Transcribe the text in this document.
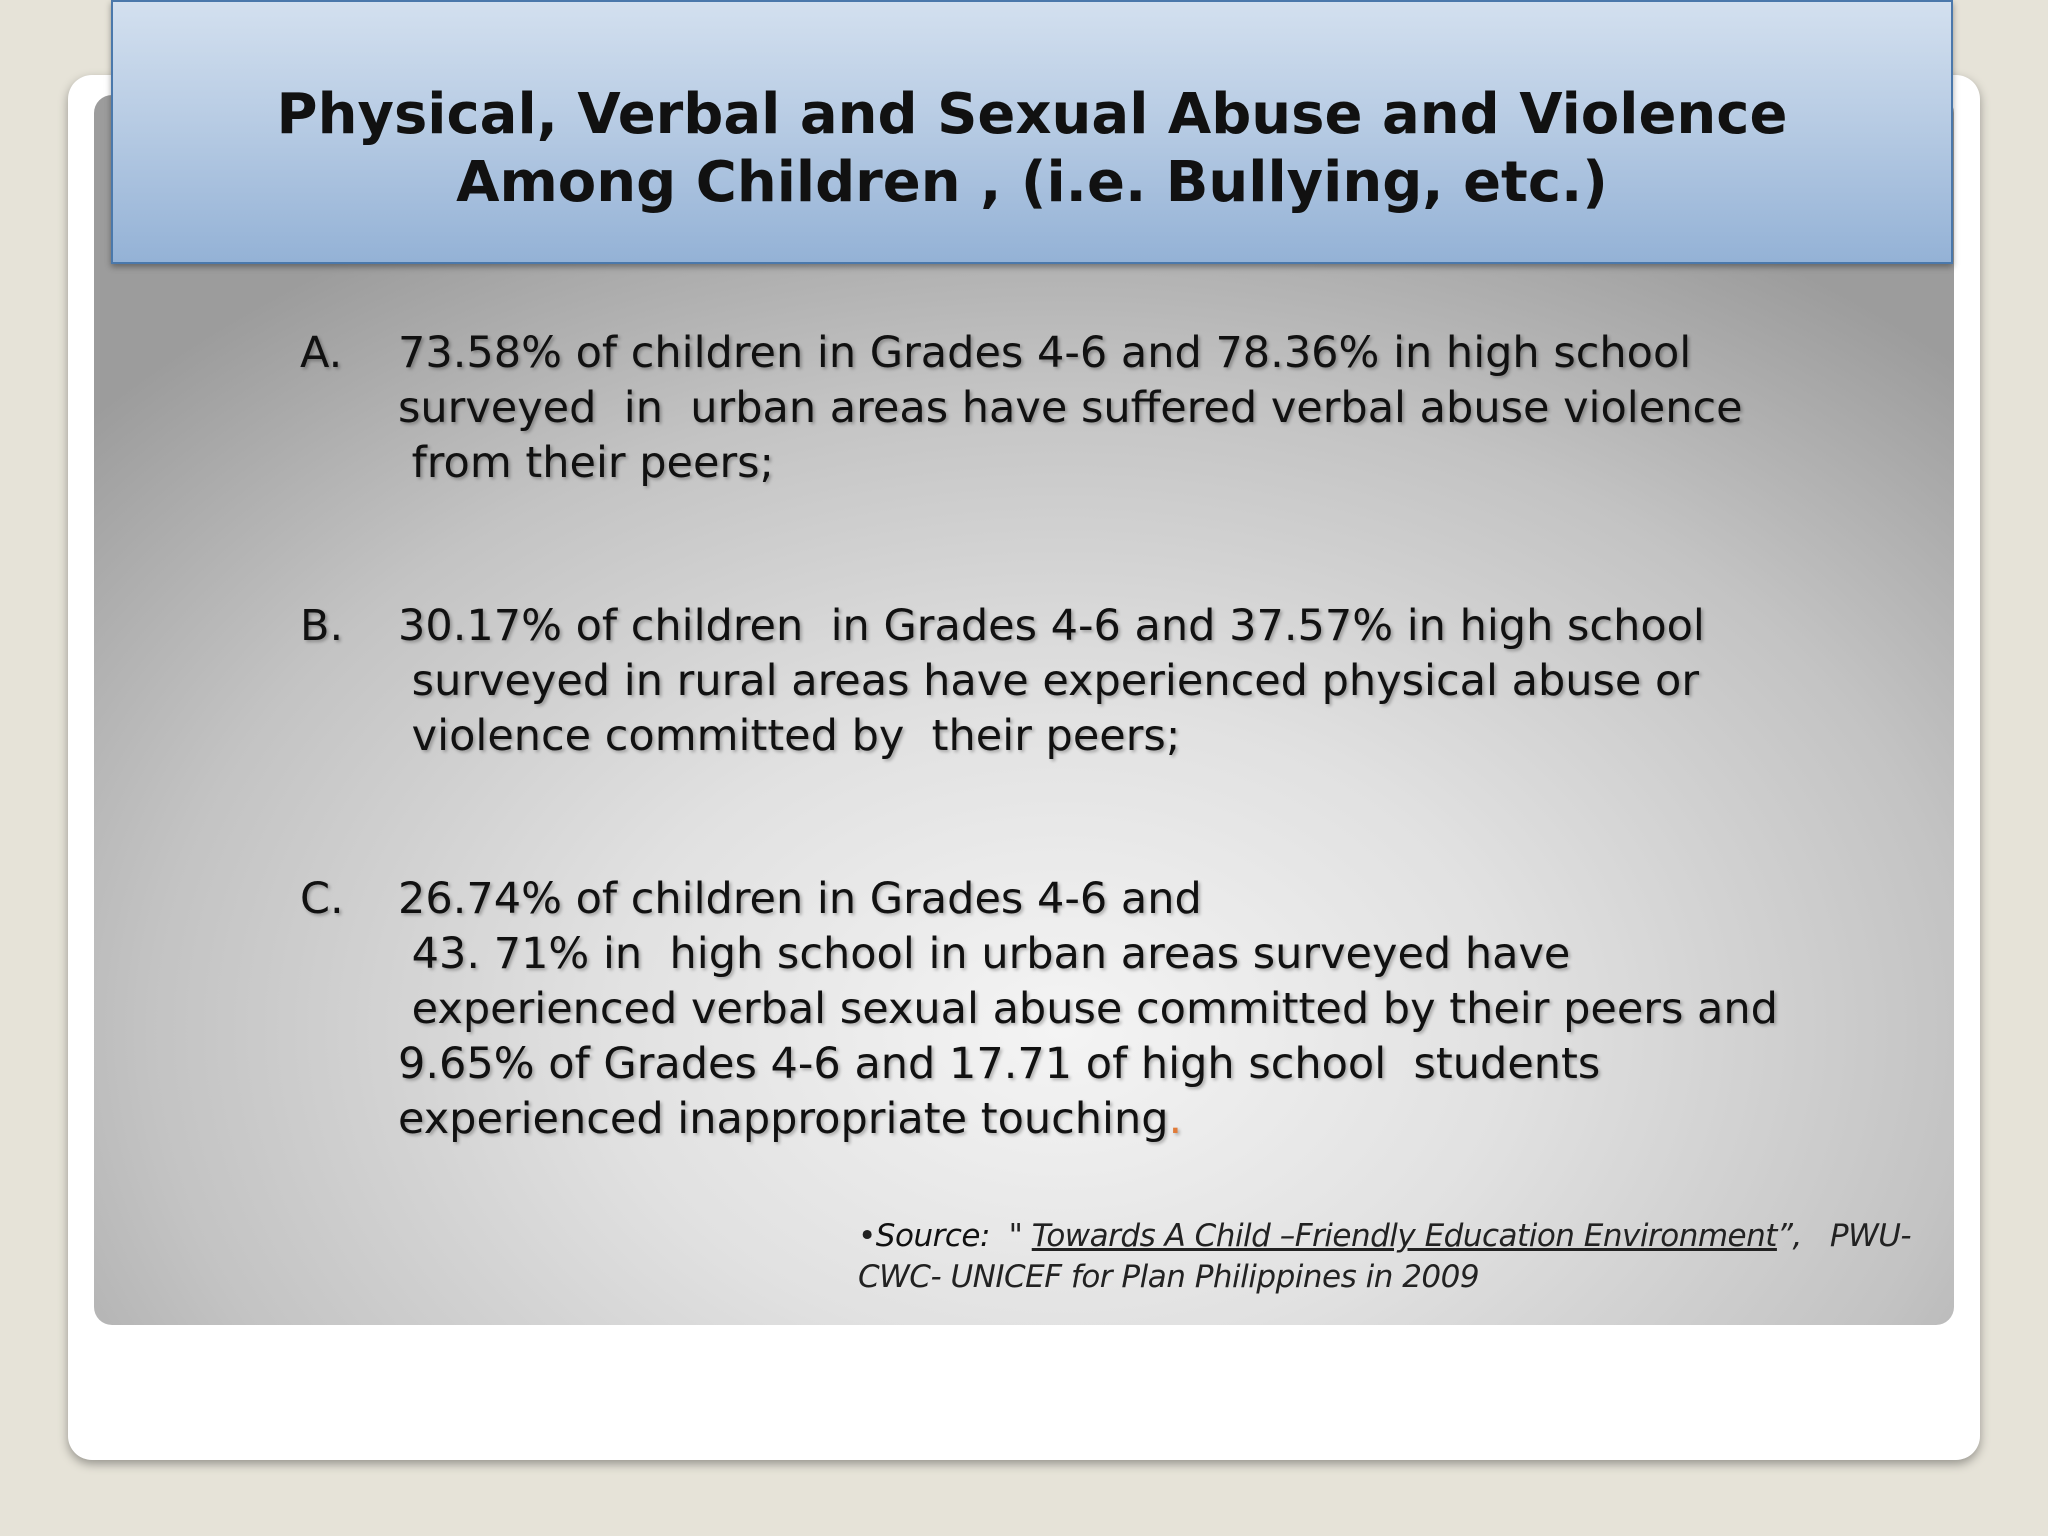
Physical, Verbal and Sexual Abuse and Violence
Among Children , (i.e. Bullying, etc.)
A.	73.58% of children in Grades 4-6 and 78.36% in high school
surveyed  in  urban areas have suffered verbal abuse violence
from their peers;
B.	30.17% of children  in Grades 4-6 and 37.57% in high school
surveyed in rural areas have experienced physical abuse or
violence committed by  their peers;
C.	26.74% of children in Grades 4-6 and
43. 71% in  high school in urban areas surveyed have
experienced verbal sexual abuse committed by their peers and
9.65% of Grades 4-6 and 17.71 of high school  students
experienced inappropriate touching.
•Source:  " Towards A Child –Friendly Education Environment”,   PWU-
CWC- UNICEF for Plan Philippines in 2009
